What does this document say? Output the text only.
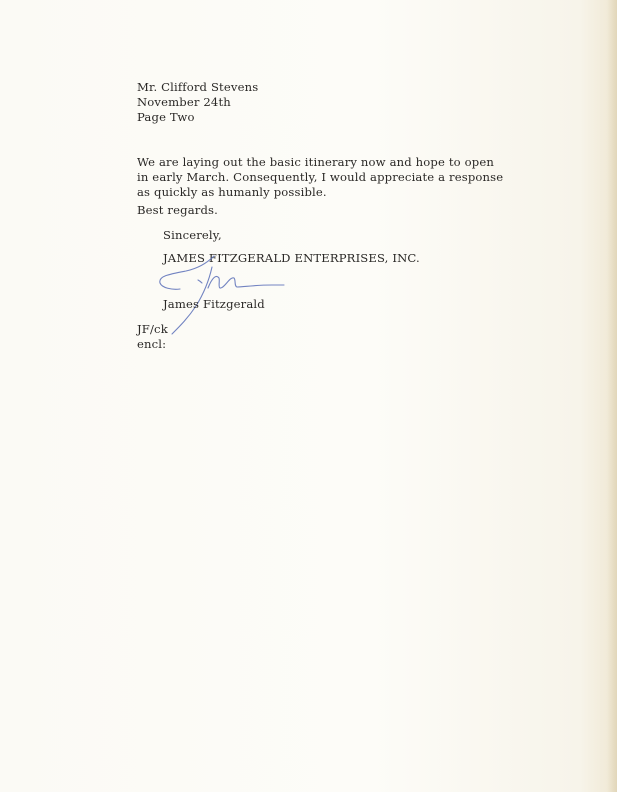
Mr. Clifford Stevens
November 24th
Page Two
We are laying out the basic itinerary now and hope to open
in early March. Consequently, I would appreciate a response
as quickly as humanly possible.
Best regards.
Sincerely,
JAMES FITZGERALD ENTERPRISES, INC.
James Fitzgerald
JF/ck
encl:
